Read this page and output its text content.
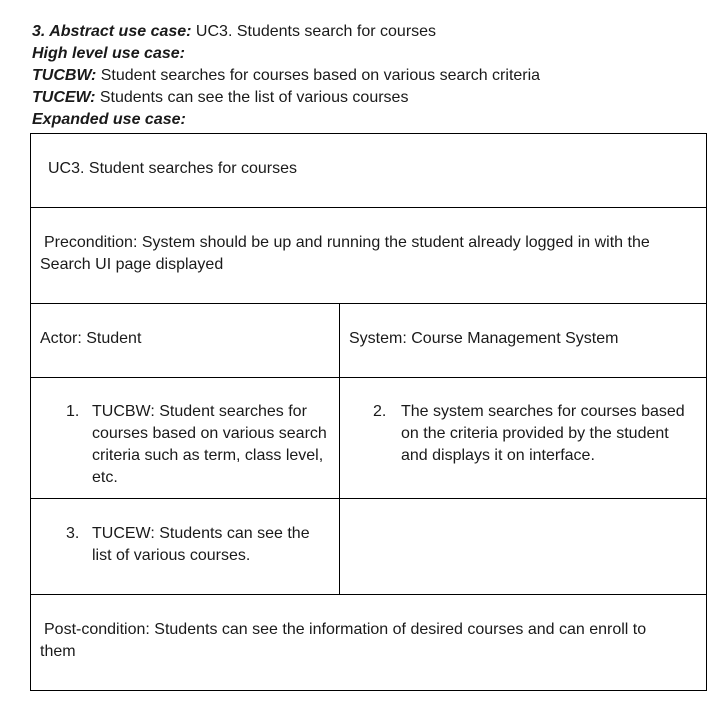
3. Abstract use case: UC3. Students search for courses
High level use case:
TUCBW: Student searches for courses based on various search criteria
TUCEW: Students can see the list of various courses
Expanded use case:
UC3. Student searches for courses	

Precondition: System should be up and running the student already logged in with the Search UI page displayed	

Actor: Student	System: Course Management System

1. TUCBW: Student searches for courses based on various search criteria such as term, class level, etc.	2. The system searches for courses based on the criteria provided by the student and displays it on interface.

3. TUCEW: Students can see the list of various courses.	

Post-condition: Students can see the information of desired courses and can enroll to them	
